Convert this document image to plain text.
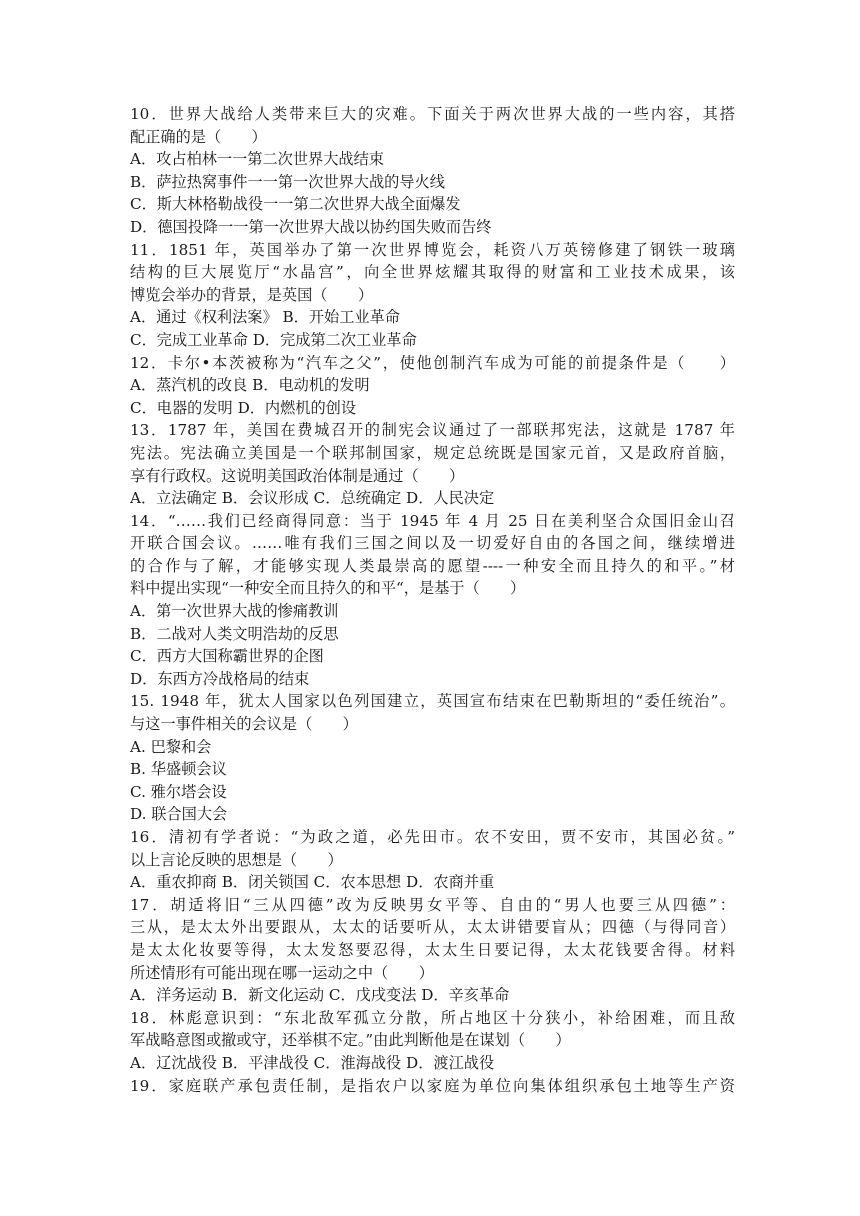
10．世界大战给人类带来巨大的灾难。下面关于两次世界大战的一些内容，其搭
配正确的是（　　）
A．攻占柏林一一第二次世界大战结束
B．萨拉热窝事件一一第一次世界大战的导火线
C．斯大林格勒战役一一第二次世界大战全面爆发
D．德国投降一一第一次世界大战以协约国失败而告终
11．1851 年，英国举办了第一次世界博览会，耗资八万英镑修建了钢铁一玻璃
结构的巨大展览厅“水晶宫”，向全世界炫耀其取得的财富和工业技术成果，该
博览会举办的背景，是英国（　　）
A．通过《权利法案》 B．开始工业革命
C．完成工业革命 D．完成第二次工业革命
12．卡尔•本茨被称为“汽车之父”，使他创制汽车成为可能的前提条件是（　　）
A．蒸汽机的改良 B．电动机的发明
C．电器的发明 D．内燃机的创设
13．1787 年，美国在费城召开的制宪会议通过了一部联邦宪法，这就是 1787 年
宪法。宪法确立美国是一个联邦制国家，规定总统既是国家元首，又是政府首脑，
享有行政权。这说明美国政治体制是通过（　　）
A．立法确定 B．会议形成 C．总统确定 D．人民决定
14．“……我们已经商得同意：当于 1945 年 4 月 25 日在美利坚合众国旧金山召
开联合国会议。……唯有我们三国之间以及一切爱好自由的各国之间，继续增进
的合作与了解，才能够实现人类最崇高的愿望----一种安全而且持久的和平。”材
料中提出实现“一种安全而且持久的和平“，是基于（　　）
A．第一次世界大战的惨痛教训
B．二战对人类文明浩劫的反思
C．西方大国称霸世界的企图
D．东西方冷战格局的结束
15. 1948 年，犹太人国家以色列国建立，英国宣布结束在巴勒斯坦的“委任统治”。
与这一事件相关的会议是（　　）
A. 巴黎和会
B. 华盛顿会议
C. 雅尔塔会设
D. 联合国大会
16．清初有学者说：“为政之道，必先田市。农不安田，贾不安市，其国必贫。”
以上言论反映的思想是（　　）
A．重农抑商 B．闭关锁国 C．农本思想 D．农商并重
17．胡适将旧“三从四德”改为反映男女平等、自由的“男人也要三从四德”：
三从，是太太外出要跟从，太太的话要听从，太太讲错要盲从；四德（与得同音）
是太太化妆要等得，太太发怒要忍得，太太生日要记得，太太花钱要舍得。材料
所述情形有可能出现在哪一运动之中（　　）
A．洋务运动 B．新文化运动 C．戊戌变法 D．辛亥革命
18．林彪意识到：“东北敌军孤立分散，所占地区十分狭小，补给困难，而且敌
军战略意图或撤或守，还举棋不定。”由此判断他是在谋划（　　）
A．辽沈战役 B．平津战役 C．淮海战役 D．渡江战役
19．家庭联产承包责任制，是指农户以家庭为单位向集体组织承包土地等生产资
